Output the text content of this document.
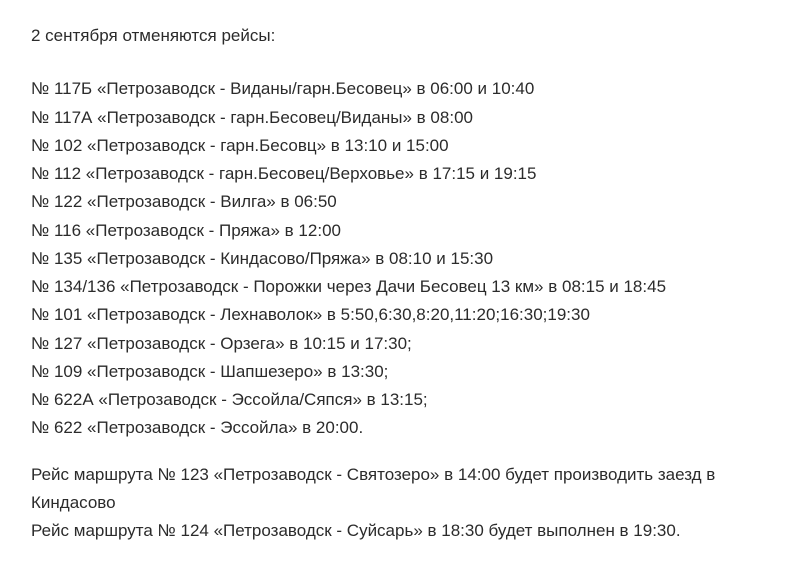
2 сентября отменяются рейсы:

№ 117Б «Петрозаводск - Виданы/гарн.Бесовец» в 06:00 и 10:40
№ 117А «Петрозаводск - гарн.Бесовец/Виданы» в 08:00
№ 102 «Петрозаводск - гарн.Бесовц» в 13:10 и 15:00
№ 112 «Петрозаводск - гарн.Бесовец/Верховье» в 17:15 и 19:15
№ 122 «Петрозаводск - Вилга» в 06:50
№ 116 «Петрозаводск - Пряжа» в 12:00
№ 135 «Петрозаводск - Киндасово/Пряжа» в 08:10 и 15:30
№ 134/136 «Петрозаводск - Порожки через Дачи Бесовец 13 км» в 08:15 и 18:45
№ 101 «Петрозаводск - Лехнаволок» в 5:50,6:30,8:20,11:20;16:30;19:30
№ 127 «Петрозаводск - Орзега» в 10:15 и 17:30;
№ 109 «Петрозаводск - Шапшезеро» в 13:30;
№ 622А «Петрозаводск - Эссойла/Сяпся» в 13:15;
№ 622 «Петрозаводск - Эссойла» в 20:00.

Рейс маршрута № 123 «Петрозаводск - Святозеро» в 14:00 будет производить заезд в Киндасово

Рейс маршрута № 124 «Петрозаводск - Суйсарь» в 18:30 будет выполнен в 19:30.
